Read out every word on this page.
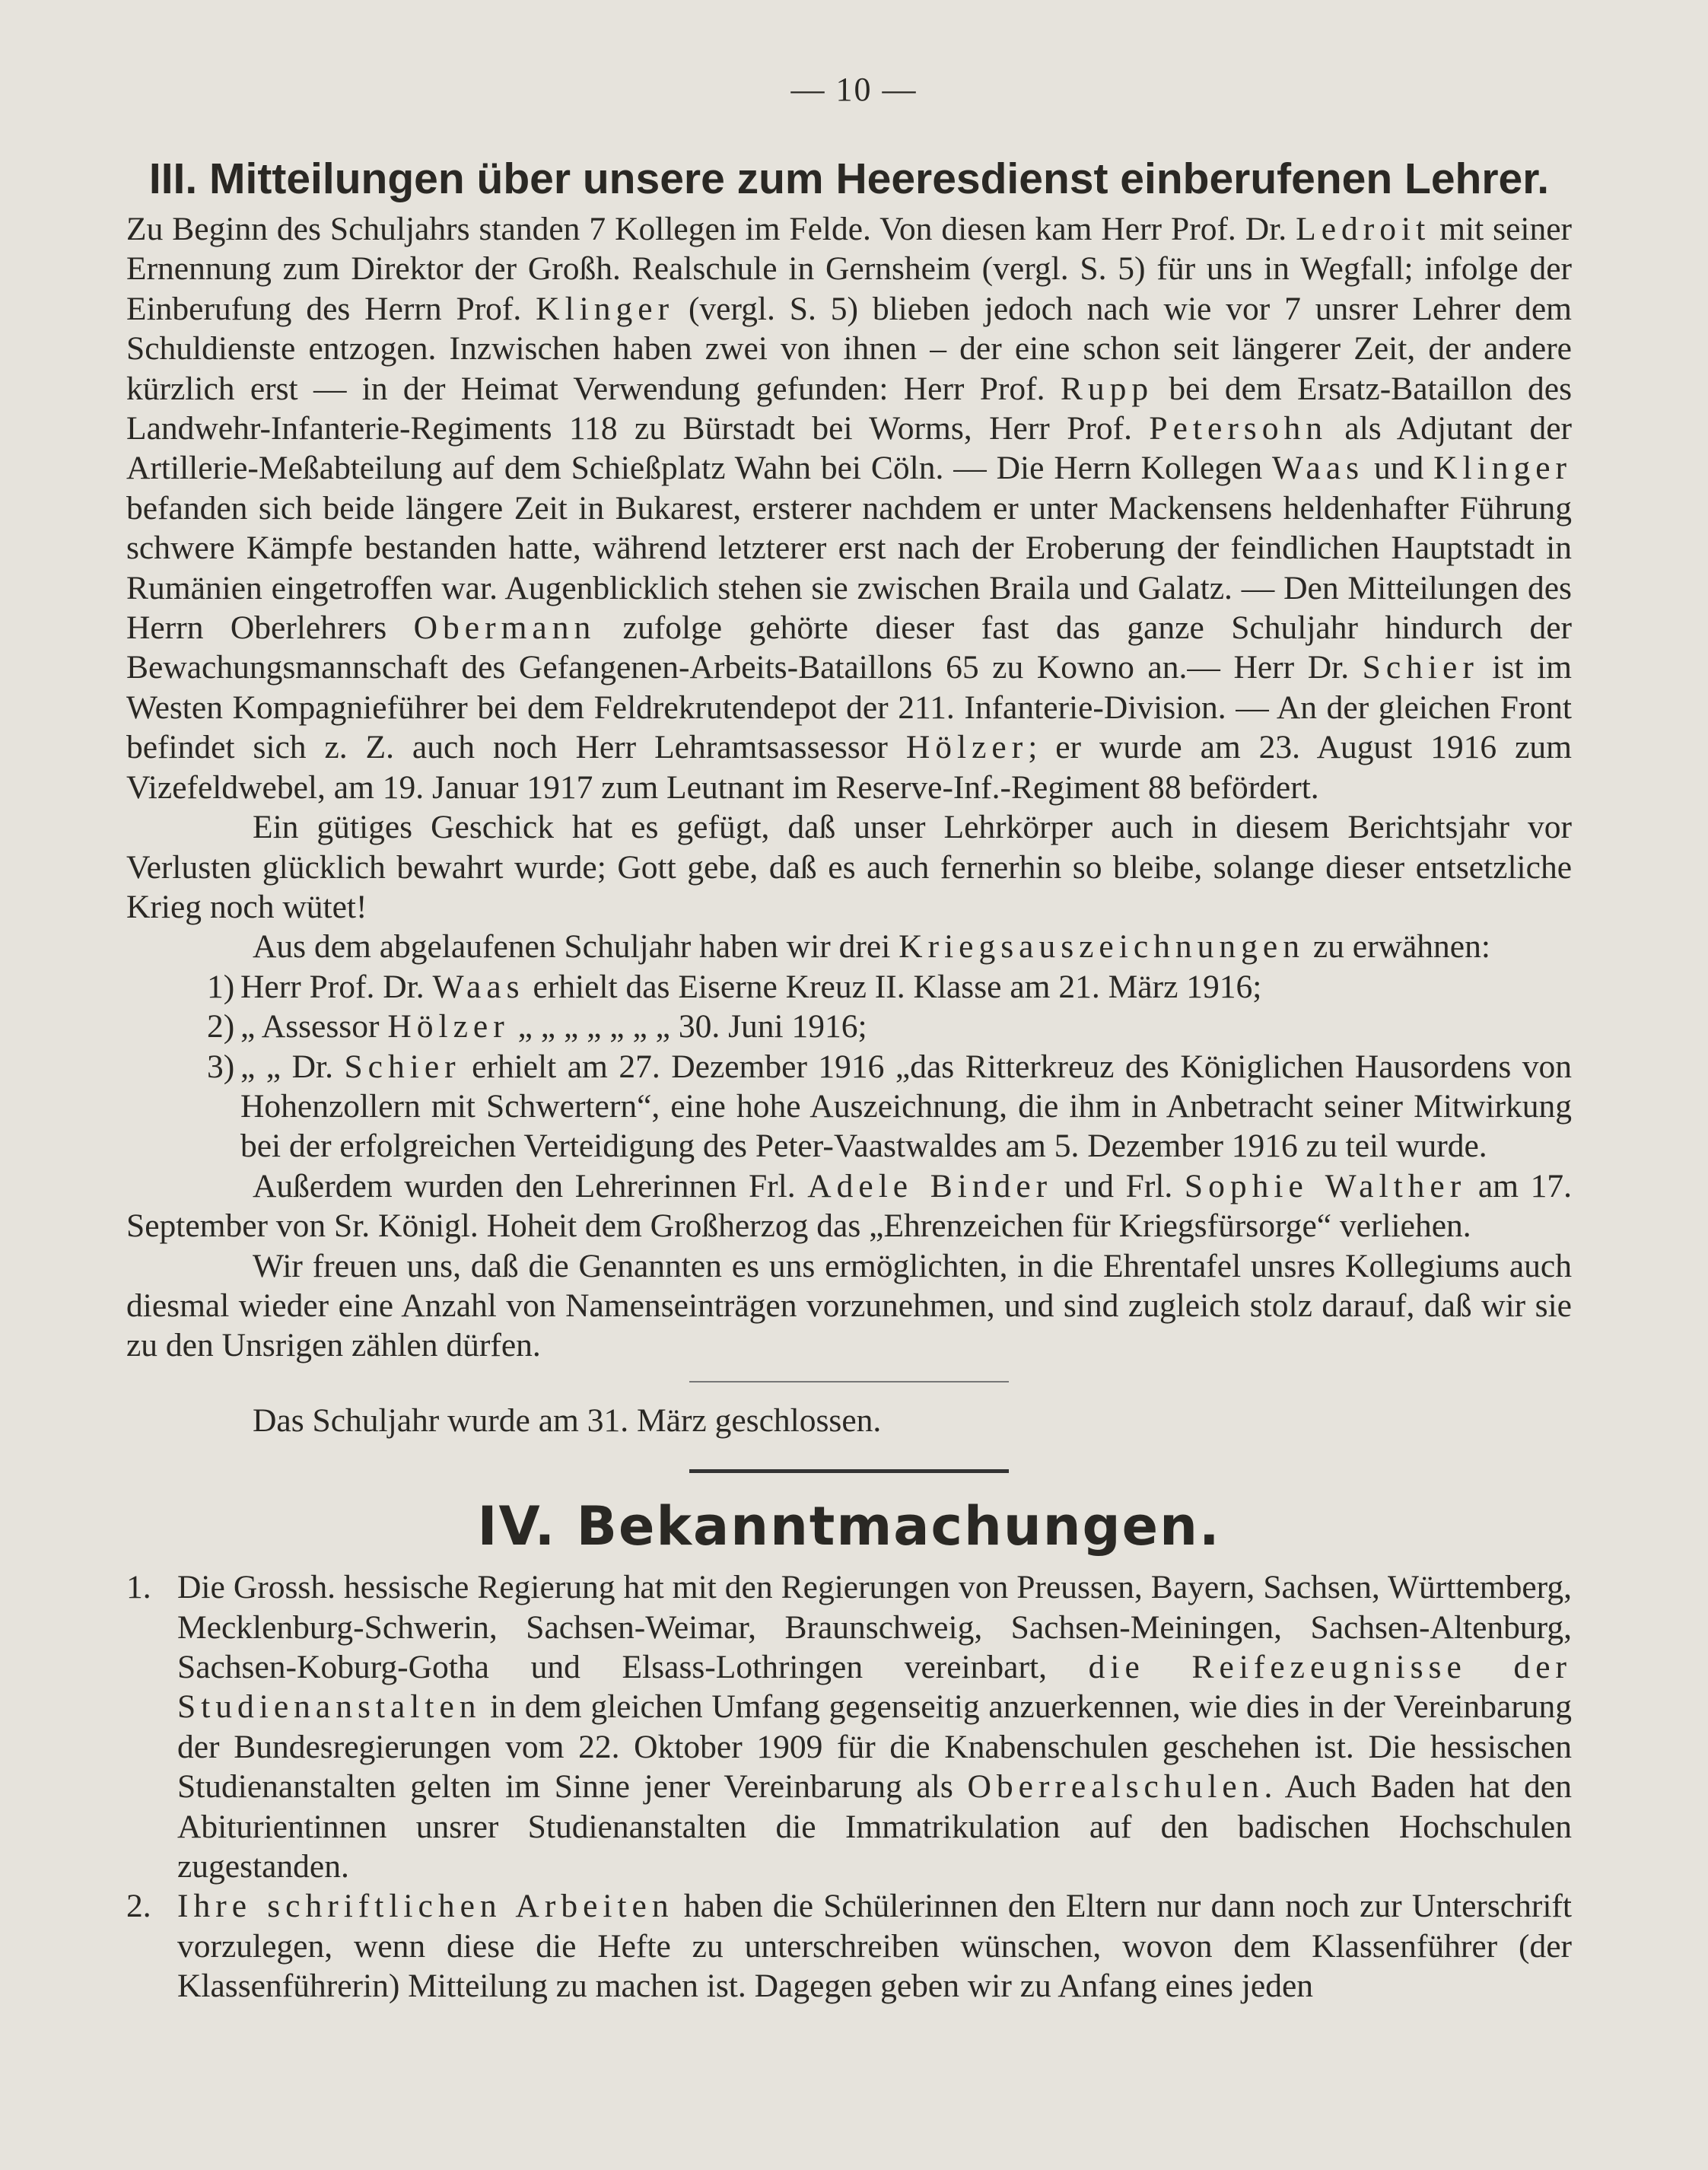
— 10 —
III. Mitteilungen über unsere zum Heeresdienst einberufenen Lehrer.

Zu Beginn des Schuljahrs standen 7 Kollegen im Felde. Von diesen kam Herr Prof. Dr. Ledroit mit seiner Ernennung zum Direktor der Großh. Realschule in Gernsheim (vergl. S. 5) für uns in Wegfall; infolge der Einberufung des Herrn Prof. Klinger (vergl. S. 5) blieben jedoch nach wie vor 7 unsrer Lehrer dem Schuldienste entzogen. Inzwischen haben zwei von ihnen – der eine schon seit längerer Zeit, der andere kürzlich erst — in der Heimat Verwendung gefunden: Herr Prof. Rupp bei dem Ersatz-Bataillon des Landwehr-Infanterie-Regiments 118 zu Bürstadt bei Worms, Herr Prof. Petersohn als Adjutant der Artillerie-Meßabteilung auf dem Schießplatz Wahn bei Cöln. — Die Herrn Kollegen Waas und Klinger befanden sich beide längere Zeit in Bukarest, ersterer nachdem er unter Mackensens heldenhafter Führung schwere Kämpfe bestanden hatte, während letzterer erst nach der Eroberung der feindlichen Hauptstadt in Rumänien eingetroffen war. Augenblicklich stehen sie zwischen Braila und Galatz. — Den Mitteilungen des Herrn Oberlehrers Obermann zufolge gehörte dieser fast das ganze Schuljahr hindurch der Bewachungsmannschaft des Gefangenen-Arbeits-Bataillons 65 zu Kowno an.— Herr Dr. Schier ist im Westen Kompagnieführer bei dem Feldrekrutendepot der 211. Infanterie-Division. — An der gleichen Front befindet sich z. Z. auch noch Herr Lehramtsassessor Hölzer; er wurde am 23. August 1916 zum Vizefeldwebel, am 19. Januar 1917 zum Leutnant im Reserve-Inf.-Regiment 88 befördert.

Ein gütiges Geschick hat es gefügt, daß unser Lehrkörper auch in diesem Berichtsjahr vor Verlusten glücklich bewahrt wurde; Gott gebe, daß es auch fernerhin so bleibe, solange dieser entsetzliche Krieg noch wütet!

Aus dem abgelaufenen Schuljahr haben wir drei Kriegsauszeichnungen zu erwähnen:

1) Herr Prof. Dr. Waas erhielt das Eiserne Kreuz II. Klasse am 21. März 1916;
2) „ Assessor Hölzer „ „ „ „ „ „ „ 30. Juni 1916;
3) „ „ Dr. Schier erhielt am 27. Dezember 1916 „das Ritterkreuz des Königlichen Hausordens von Hohenzollern mit Schwertern“, eine hohe Auszeichnung, die ihm in Anbetracht seiner Mitwirkung bei der erfolgreichen Verteidigung des Peter-Vaastwaldes am 5. Dezember 1916 zu teil wurde.

Außerdem wurden den Lehrerinnen Frl. Adele Binder und Frl. Sophie Walther am 17. September von Sr. Königl. Hoheit dem Großherzog das „Ehrenzeichen für Kriegsfürsorge“ verliehen.

Wir freuen uns, daß die Genannten es uns ermöglichten, in die Ehrentafel unsres Kollegiums auch diesmal wieder eine Anzahl von Namenseinträgen vorzunehmen, und sind zugleich stolz darauf, daß wir sie zu den Unsrigen zählen dürfen.

Das Schuljahr wurde am 31. März geschlossen.

IV. Bekanntmachungen.
1. Die Grossh. hessische Regierung hat mit den Regierungen von Preussen, Bayern, Sachsen, Württemberg, Mecklenburg-Schwerin, Sachsen-Weimar, Braunschweig, Sachsen-Meiningen, Sachsen-Altenburg, Sachsen-Koburg-Gotha und Elsass-Lothringen vereinbart, die Reifezeugnisse der Studienanstalten in dem gleichen Umfang gegenseitig anzuerkennen, wie dies in der Vereinbarung der Bundesregierungen vom 22. Oktober 1909 für die Knabenschulen geschehen ist. Die hessischen Studienanstalten gelten im Sinne jener Vereinbarung als Oberrealschulen. Auch Baden hat den Abiturientinnen unsrer Studienanstalten die Immatrikulation auf den badischen Hochschulen zugestanden.
2. Ihre schriftlichen Arbeiten haben die Schülerinnen den Eltern nur dann noch zur Unterschrift vorzulegen, wenn diese die Hefte zu unterschreiben wünschen, wovon dem Klassenführer (der Klassenführerin) Mitteilung zu machen ist. Dagegen geben wir zu Anfang eines jeden
